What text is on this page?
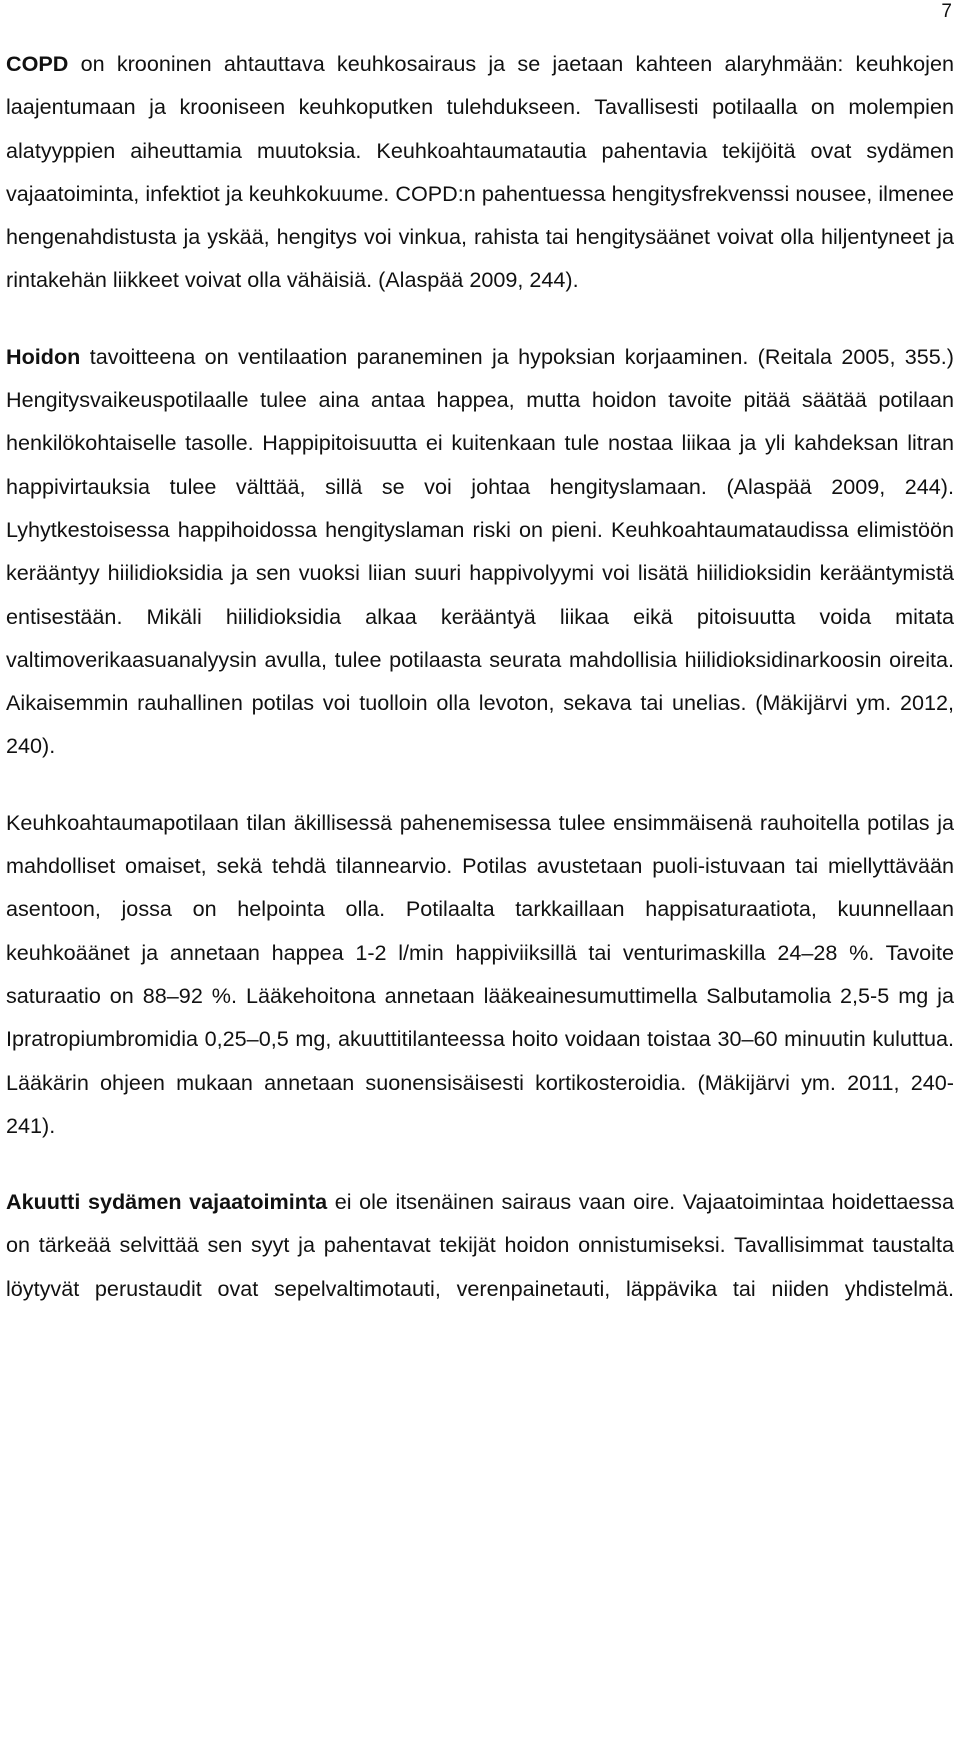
7

COPD on krooninen ahtauttava keuhkosairaus ja se jaetaan kahteen alaryhmään: keuhkojen laajentumaan ja krooniseen keuhkoputken tulehdukseen. Tavallisesti potilaalla on molempien alatyyppien aiheuttamia muutoksia. Keuhkoahtaumatautia pahentavia tekijöitä ovat sydämen vajaatoiminta, infektiot ja keuhkokuume. COPD:n pahentuessa hengitysfrekvenssi nousee, ilmenee hengenahdistusta ja yskää, hengitys voi vinkua, rahista tai hengitysäänet voivat olla hiljentyneet ja rintakehän liikkeet voivat olla vähäisiä. (Alaspää 2009, 244).

Hoidon tavoitteena on ventilaation paraneminen ja hypoksian korjaaminen. (Reitala 2005, 355.) Hengitysvaikeuspotilaalle tulee aina antaa happea, mutta hoidon tavoite pitää säätää potilaan henkilökohtaiselle tasolle. Happipitoisuutta ei kuitenkaan tule nostaa liikaa ja yli kahdeksan litran happivirtauksia tulee välttää, sillä se voi johtaa hengityslamaan. (Alaspää 2009, 244). Lyhytkestoisessa happihoidossa hengityslaman riski on pieni. Keuhkoahtaumataudissa elimistöön kerääntyy hiilidioksidia ja sen vuoksi liian suuri happivolyymi voi lisätä hiilidioksidin kerääntymistä entisestään. Mikäli hiilidioksidia alkaa kerääntyä liikaa eikä pitoisuutta voida mitata valtimoverikaasuanalyysin avulla, tulee potilaasta seurata mahdollisia hiilidioksidinarkoosin oireita. Aikaisemmin rauhallinen potilas voi tuolloin olla levoton, sekava tai unelias. (Mäkijärvi ym. 2012, 240).

Keuhkoahtaumapotilaan tilan äkillisessä pahenemisessa tulee ensimmäisenä rauhoitella potilas ja mahdolliset omaiset, sekä tehdä tilannearvio. Potilas avustetaan puoli-istuvaan tai miellyttävään asentoon, jossa on helpointa olla. Potilaalta tarkkaillaan happisaturaatiota, kuunnellaan keuhkoäänet ja annetaan happea 1-2 l/min happiviiksillä tai venturimaskilla 24–28 %. Tavoite saturaatio on 88–92 %. Lääkehoitona annetaan lääkeainesumuttimella Salbutamolia 2,5-5 mg ja Ipratropiumbromidia 0,25–0,5 mg, akuuttitilanteessa hoito voidaan toistaa 30–60 minuutin kuluttua. Lääkärin ohjeen mukaan annetaan suonensisäisesti kortikosteroidia. (Mäkijärvi ym. 2011, 240-241).

Akuutti sydämen vajaatoiminta ei ole itsenäinen sairaus vaan oire. Vajaatoimintaa hoidettaessa on tärkeää selvittää sen syyt ja pahentavat tekijät hoidon onnistumiseksi. Tavallisimmat taustalta löytyvät perustaudit ovat sepelvaltimotauti, verenpainetauti, läppävika tai niiden yhdistelmä.
